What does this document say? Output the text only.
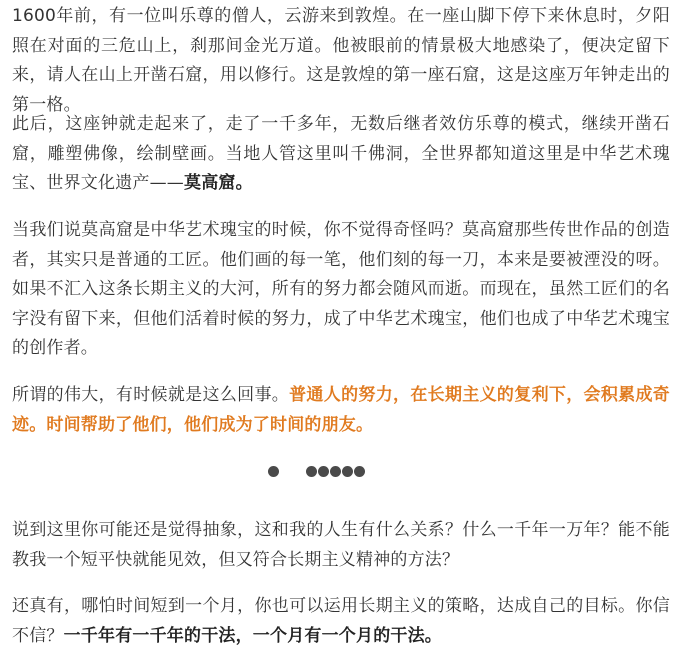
1600年前，有一位叫乐尊的僧人，云游来到敦煌。在一座山脚下停下来休息时，夕阳照在对面的三危山上，刹那间金光万道。他被眼前的情景极大地感染了，便决定留下来，请人在山上开凿石窟，用以修行。这是敦煌的第一座石窟，这是这座万年钟走出的第一格。

此后，这座钟就走起来了，走了一千多年，无数后继者效仿乐尊的模式，继续开凿石窟，雕塑佛像，绘制壁画。当地人管这里叫千佛洞，全世界都知道这里是中华艺术瑰宝、世界文化遗产——莫高窟。

当我们说莫高窟是中华艺术瑰宝的时候，你不觉得奇怪吗？莫高窟那些传世作品的创造者，其实只是普通的工匠。他们画的每一笔，他们刻的每一刀，本来是要被湮没的呀。如果不汇入这条长期主义的大河，所有的努力都会随风而逝。而现在，虽然工匠们的名字没有留下来，但他们活着时候的努力，成了中华艺术瑰宝，他们也成了中华艺术瑰宝的创作者。

所谓的伟大，有时候就是这么回事。普通人的努力，在长期主义的复利下，会积累成奇迹。时间帮助了他们，他们成为了时间的朋友。

说到这里你可能还是觉得抽象，这和我的人生有什么关系？什么一千年一万年？能不能教我一个短平快就能见效，但又符合长期主义精神的方法？

还真有，哪怕时间短到一个月，你也可以运用长期主义的策略，达成自己的目标。你信不信？一千年有一千年的干法，一个月有一个月的干法。
